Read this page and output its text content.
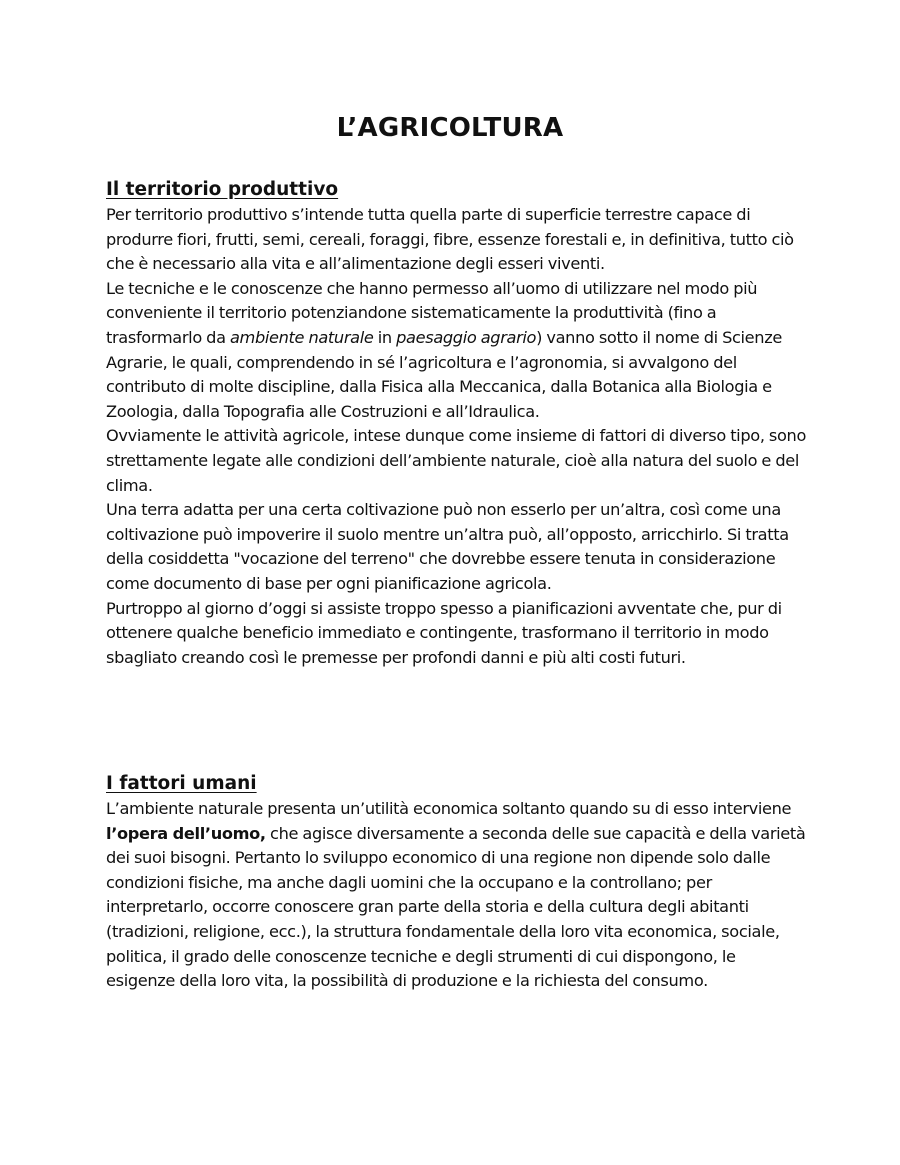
L’AGRICOLTURA
Il territorio produttivo

Per territorio produttivo s’intende tutta quella parte di superficie terrestre capace di produrre fiori, frutti, semi, cereali, foraggi, fibre, essenze forestali e, in definitiva, tutto ciò che è necessario alla vita e all’alimentazione degli esseri viventi.

Le tecniche e le conoscenze che hanno permesso all’uomo di utilizzare nel modo più conveniente il territorio potenziandone sistematicamente la produttività (fino a trasformarlo da ambiente naturale in paesaggio agrario) vanno sotto il nome di Scienze Agrarie, le quali, comprendendo in sé l’agricoltura e l’agronomia, si avvalgono del contributo di molte discipline, dalla Fisica alla Meccanica, dalla Botanica alla Biologia e Zoologia, dalla Topografia alle Costruzioni e all’Idraulica.

Ovviamente le attività agricole, intese dunque come insieme di fattori di diverso tipo, sono strettamente legate alle condizioni dell’ambiente naturale, cioè alla natura del suolo e del clima.

Una terra adatta per una certa coltivazione può non esserlo per un’altra, così come una coltivazione può impoverire il suolo mentre un’altra può, all’opposto, arricchirlo. Si tratta della cosiddetta "vocazione del terreno" che dovrebbe essere tenuta in considerazione come documento di base per ogni pianificazione agricola.

Purtroppo al giorno d’oggi si assiste troppo spesso a pianificazioni avventate che, pur di ottenere qualche beneficio immediato e contingente, trasformano il territorio in modo sbagliato creando così le premesse per profondi danni e più alti costi futuri.

I fattori umani

L’ambiente naturale presenta un’utilità economica soltanto quando su di esso interviene l’opera dell’uomo, che agisce diversamente a seconda delle sue capacità e della varietà dei suoi bisogni. Pertanto lo sviluppo economico di una regione non dipende solo dalle condizioni fisiche, ma anche dagli uomini che la occupano e la controllano; per interpretarlo, occorre conoscere gran parte della storia e della cultura degli abitanti (tradizioni, religione, ecc.), la struttura fondamentale della loro vita economica, sociale, politica, il grado delle conoscenze tecniche e degli strumenti di cui dispongono, le esigenze della loro vita, la possibilità di produzione e la richiesta del consumo.
